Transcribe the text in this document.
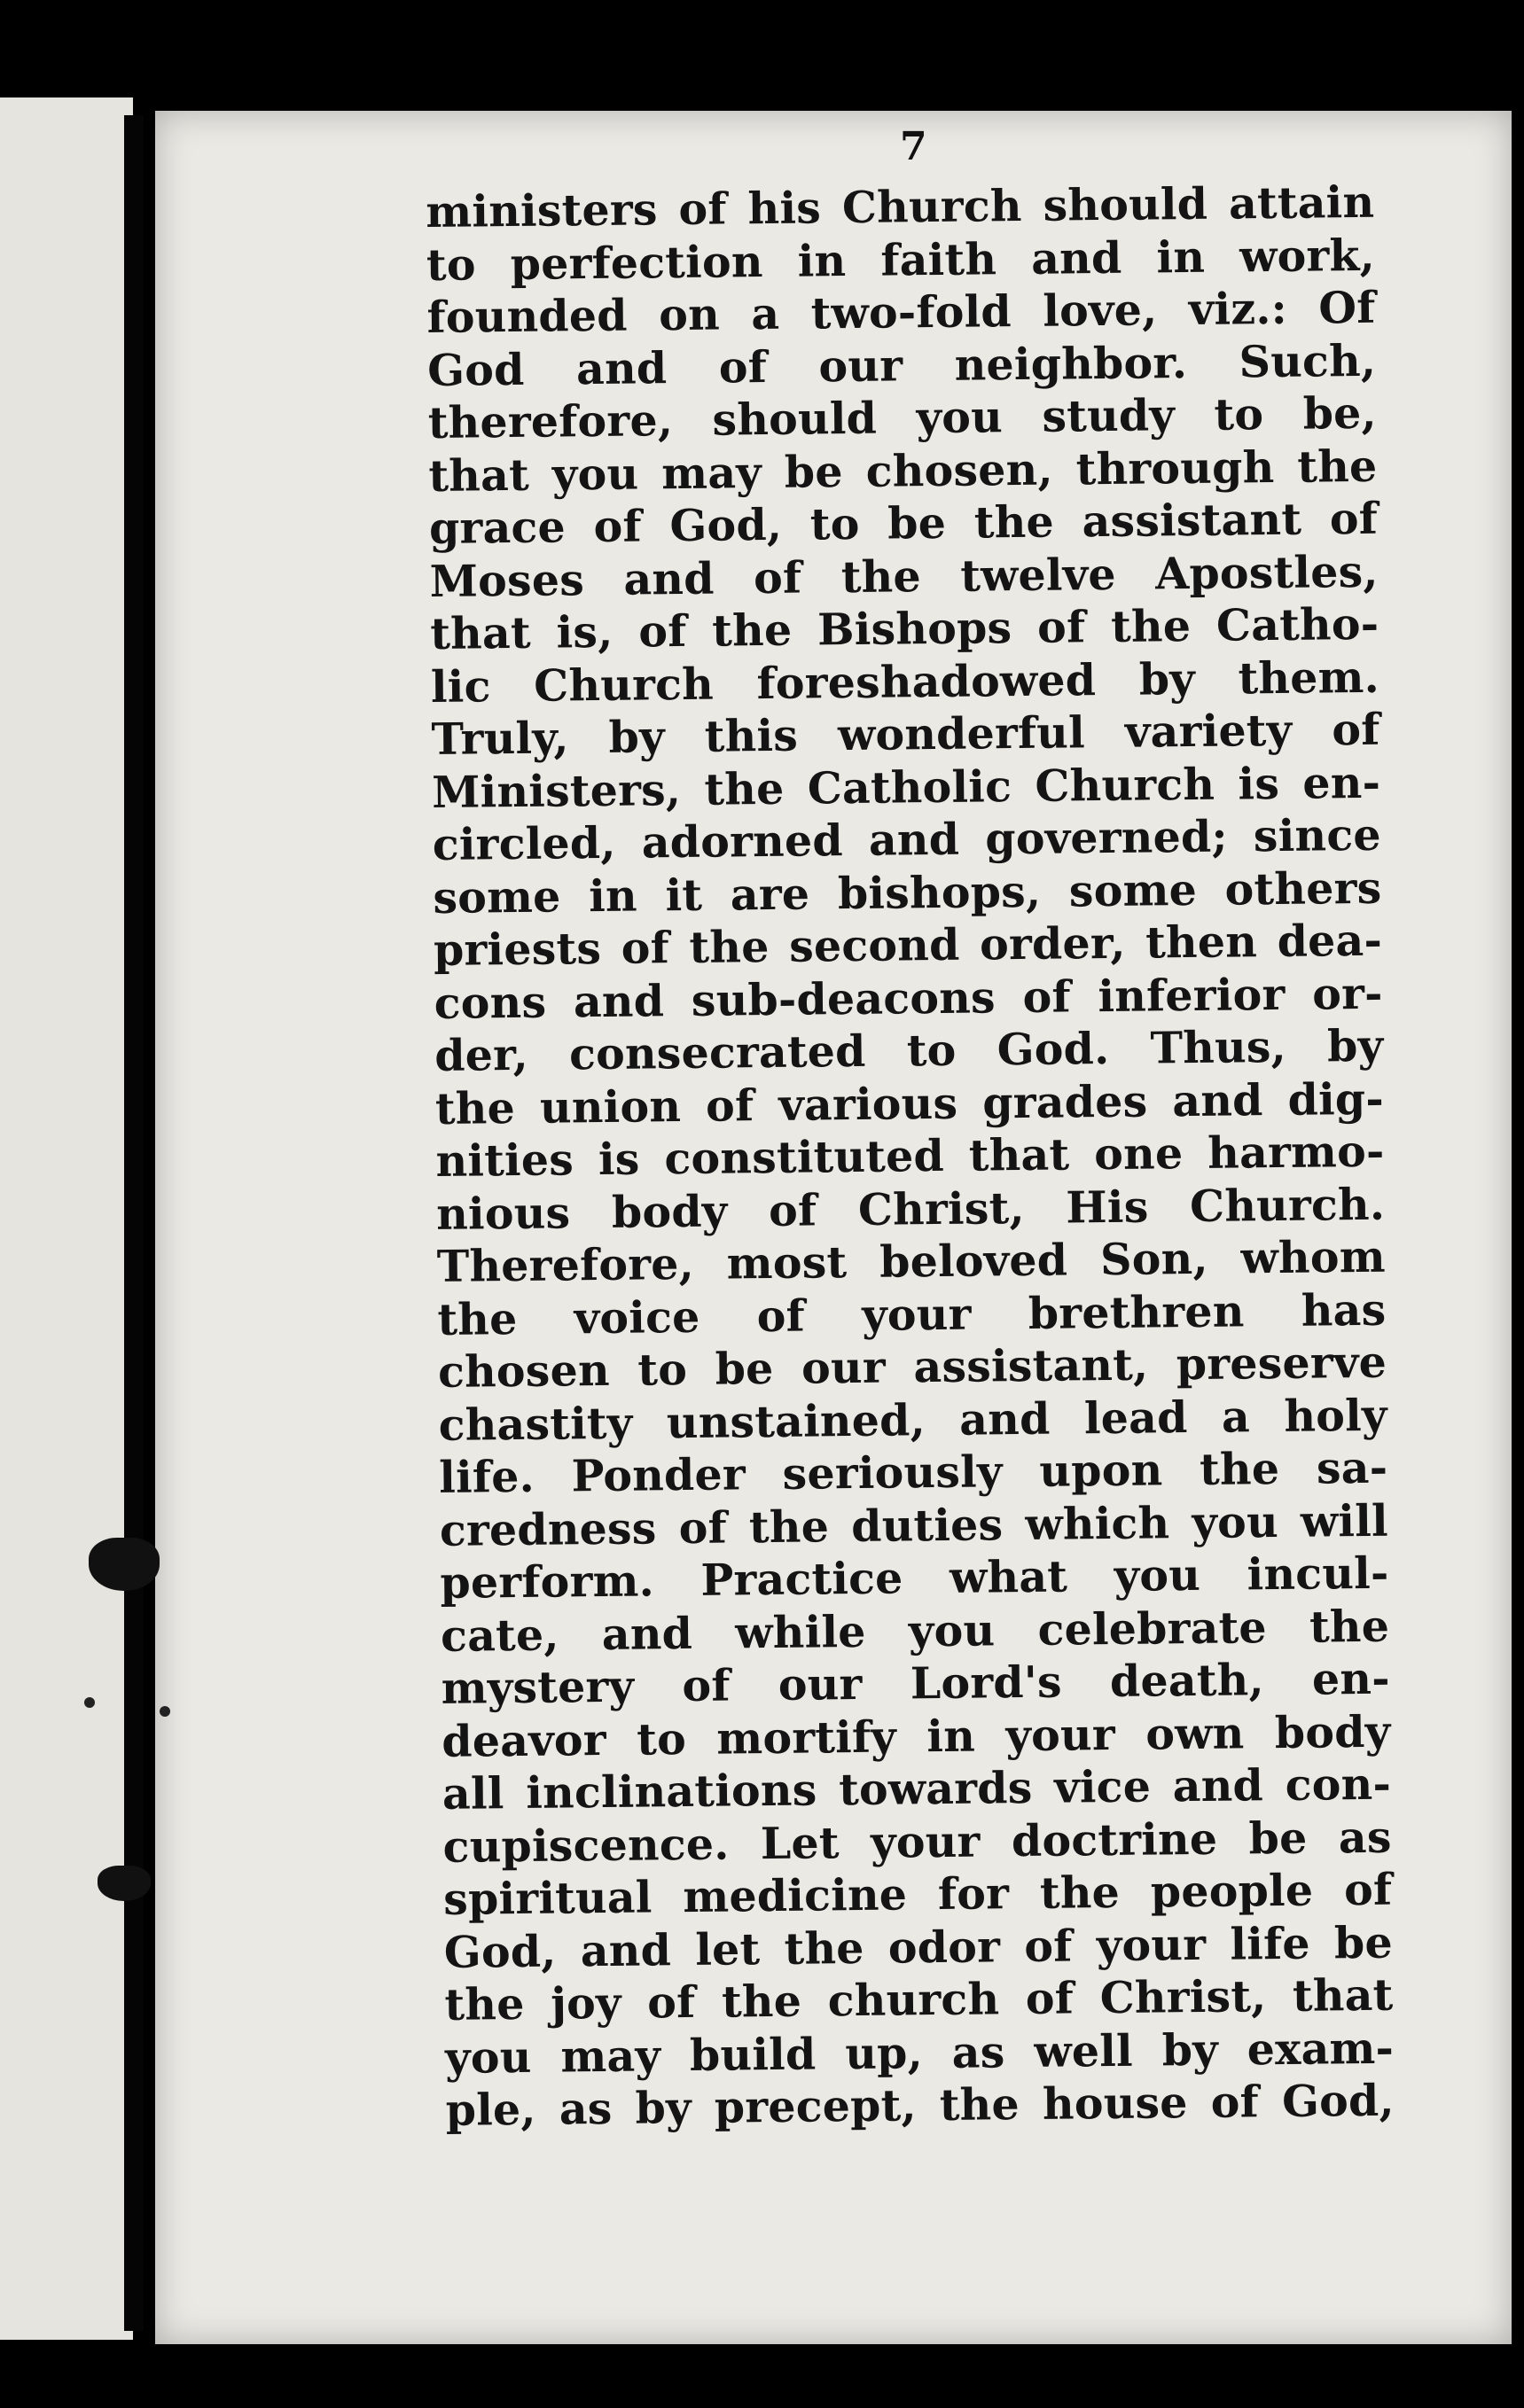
7
ministers of his Church should attain
to perfection in faith and in work,
founded on a two-fold love, viz.: Of
God and of our neighbor. Such,
therefore, should you study to be,
that you may be chosen, through the
grace of God, to be the assistant of
Moses and of the twelve Apostles,
that is, of the Bishops of the Catho-
lic Church foreshadowed by them.
Truly, by this wonderful variety of
Ministers, the Catholic Church is en-
circled, adorned and governed; since
some in it are bishops, some others
priests of the second order, then dea-
cons and sub-deacons of inferior or-
der, consecrated to God. Thus, by
the union of various grades and dig-
nities is constituted that one harmo-
nious body of Christ, His Church.
Therefore, most beloved Son, whom
the voice of your brethren has
chosen to be our assistant, preserve
chastity unstained, and lead a holy
life. Ponder seriously upon the sa-
credness of the duties which you will
perform. Practice what you incul-
cate, and while you celebrate the
mystery of our Lord's death, en-
deavor to mortify in your own body
all inclinations towards vice and con-
cupiscence. Let your doctrine be as
spiritual medicine for the people of
God, and let the odor of your life be
the joy of the church of Christ, that
you may build up, as well by exam-
ple, as by precept, the house of God,
